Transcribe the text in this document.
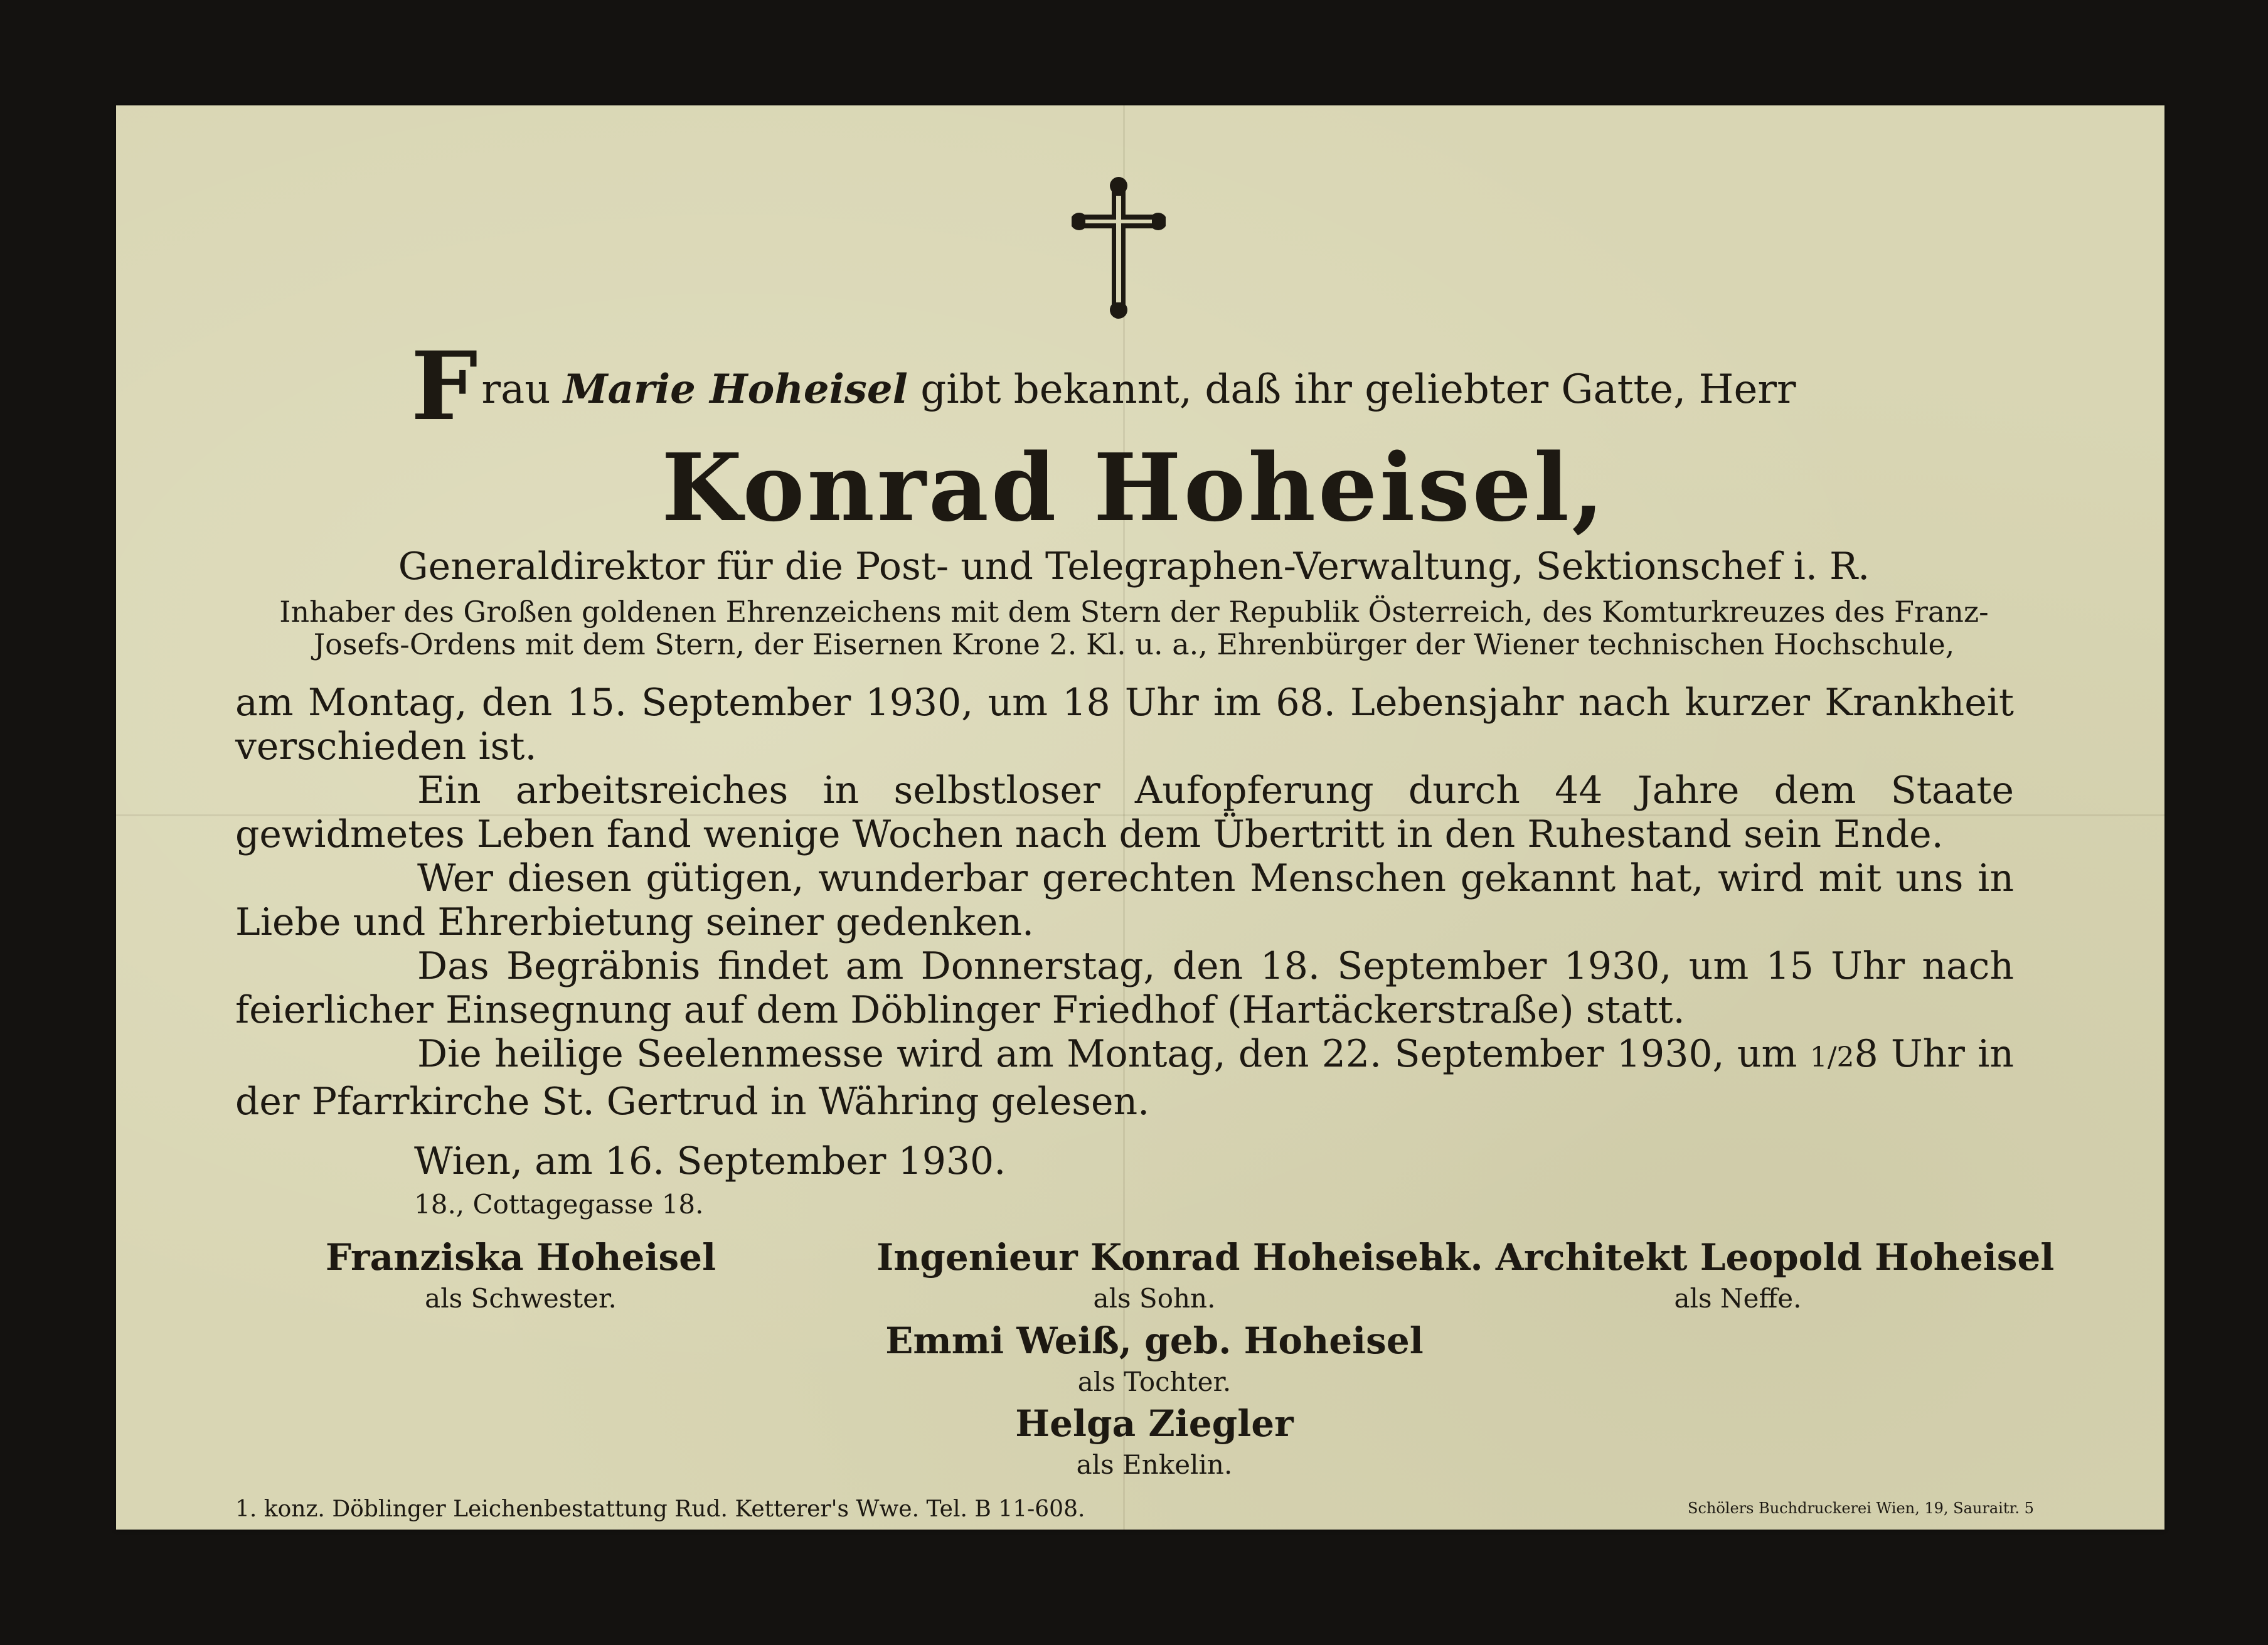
Frau Marie Hoheisel gibt bekannt, daß ihr geliebter Gatte, Herr
Konrad Hoheisel,
Generaldirektor für die Post- und Telegraphen-Verwaltung, Sektionschef i. R.
Inhaber des Großen goldenen Ehrenzeichens mit dem Stern der Republik Österreich, des Komturkreuzes des Franz-
Josefs-Ordens mit dem Stern, der Eisernen Krone 2. Kl. u. a., Ehrenbürger der Wiener technischen Hochschule,
am Montag, den 15. September 1930, um 18 Uhr im 68. Lebensjahr nach kurzer Krankheit verschieden ist.
Ein arbeitsreiches in selbstloser Aufopferung durch 44 Jahre dem Staate gewidmetes Leben fand wenige Wochen nach dem Übertritt in den Ruhestand sein Ende.
Wer diesen gütigen, wunderbar gerechten Menschen gekannt hat, wird mit uns in Liebe und Ehrerbietung seiner gedenken.
Das Begräbnis findet am Donnerstag, den 18. September 1930, um 15 Uhr nach feierlicher Einsegnung auf dem Döblinger Friedhof (Hartäckerstraße) statt.
Die heilige Seelenmesse wird am Montag, den 22. September 1930, um 1/28 Uhr in der Pfarrkirche St. Gertrud in Währing gelesen.
Wien, am 16. September 1930.
18., Cottagegasse 18.
Franziska Hoheisel
als Schwester.
Ingenieur Konrad Hoheisel
als Sohn.
ak. Architekt Leopold Hoheisel
als Neffe.
Emmi Weiß, geb. Hoheisel
als Tochter.
Helga Ziegler
als Enkelin.
1. konz. Döblinger Leichenbestattung Rud. Ketterer's Wwe. Tel. B 11-608.	Schölers Buchdruckerei Wien, 19, Sauraitr. 5
